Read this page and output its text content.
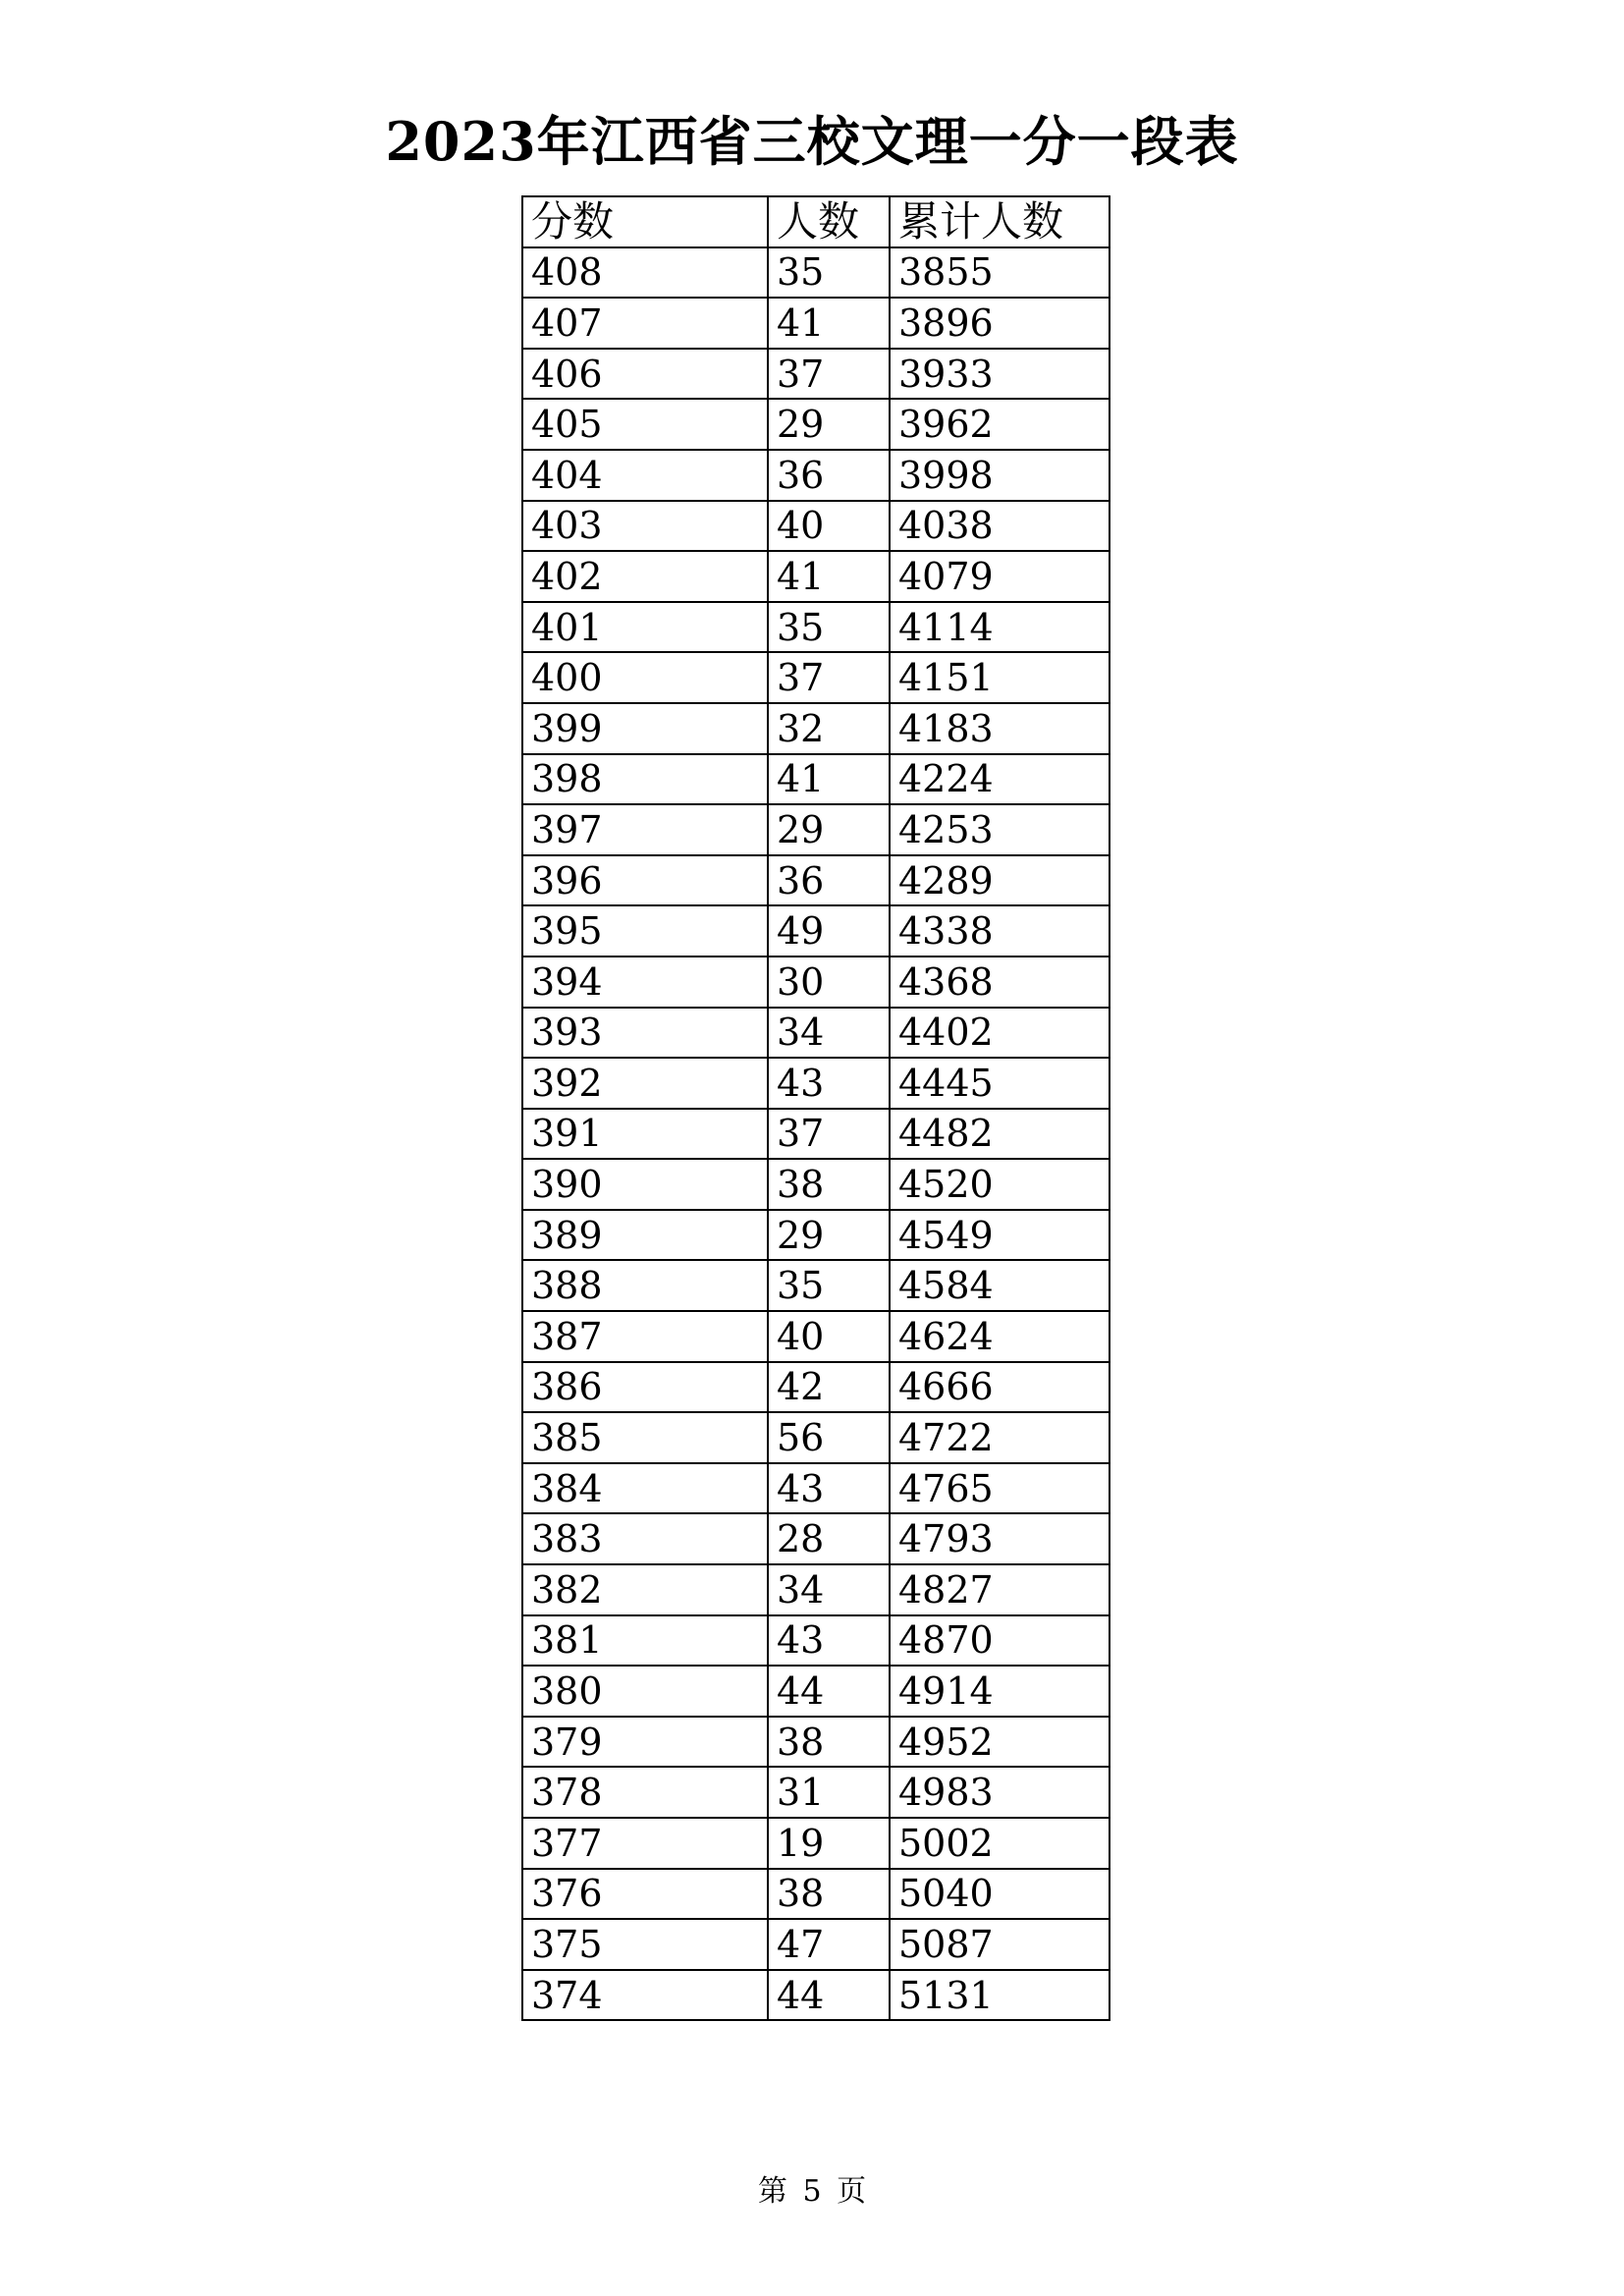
2023年江西省三校文理一分一段表
分数	人数	累计人数
408	35	3855
407	41	3896
406	37	3933
405	29	3962
404	36	3998
403	40	4038
402	41	4079
401	35	4114
400	37	4151
399	32	4183
398	41	4224
397	29	4253
396	36	4289
395	49	4338
394	30	4368
393	34	4402
392	43	4445
391	37	4482
390	38	4520
389	29	4549
388	35	4584
387	40	4624
386	42	4666
385	56	4722
384	43	4765
383	28	4793
382	34	4827
381	43	4870
380	44	4914
379	38	4952
378	31	4983
377	19	5002
376	38	5040
375	47	5087
374	44	5131
第 5 页
